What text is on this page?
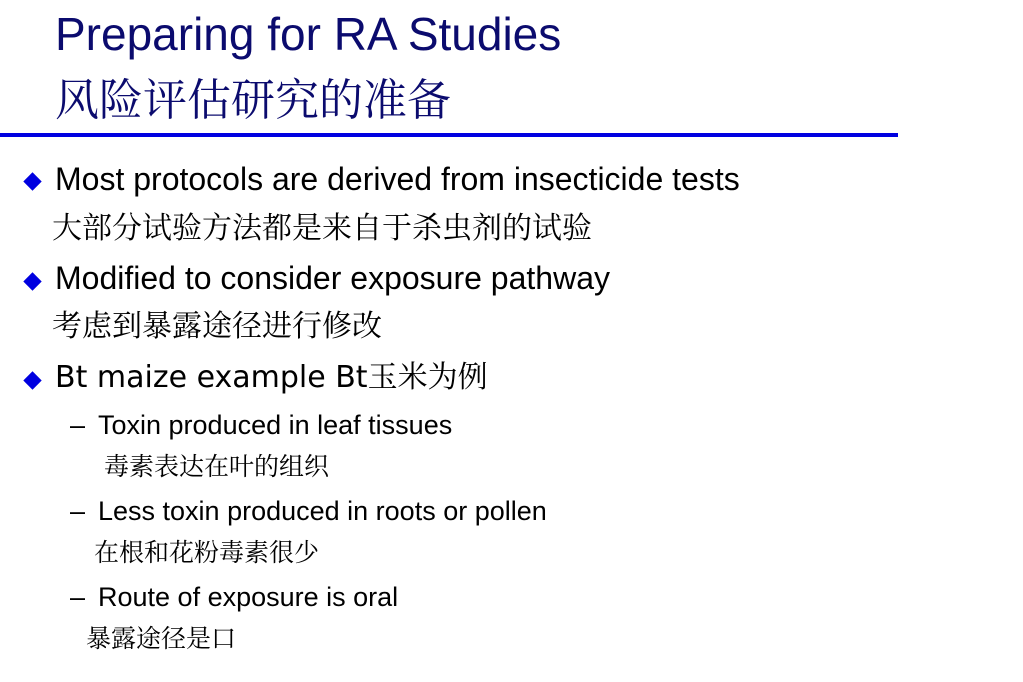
Preparing for RA Studies
风险评估研究的准备
Most protocols are derived from insecticide tests
大部分试验方法都是来自于杀虫剂的试验
Modified to consider exposure pathway
考虑到暴露途径进行修改
Bt maize example Bt玉米为例
– Toxin produced in leaf tissues
毒素表达在叶的组织
– Less toxin produced in roots or pollen
在根和花粉毒素很少
– Route of exposure is oral
暴露途径是口
